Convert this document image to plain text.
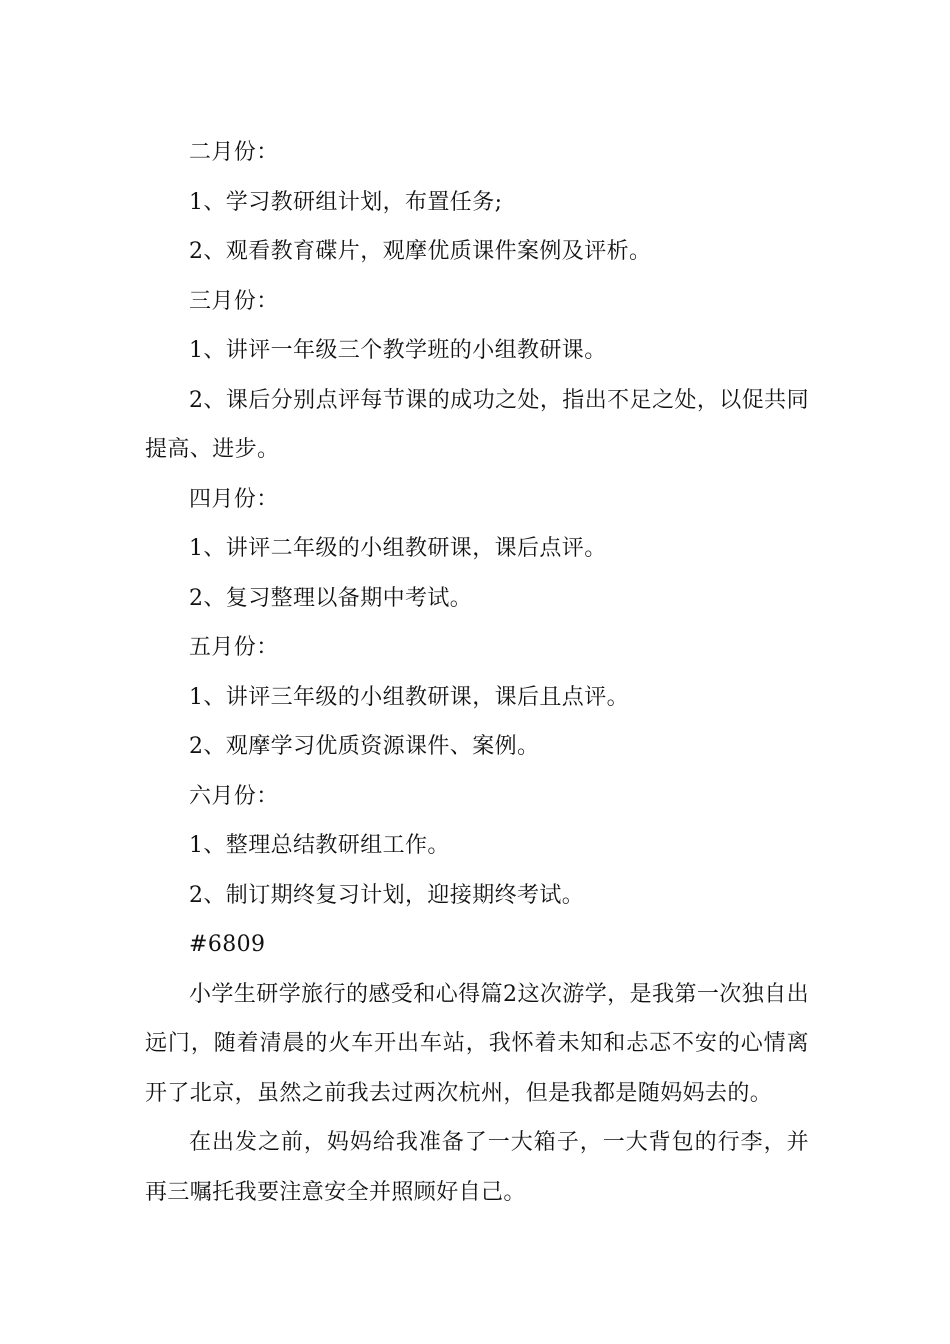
二月份：

1、学习教研组计划，布置任务;

2、观看教育碟片，观摩优质课件案例及评析。

三月份：

1、讲评一年级三个教学班的小组教研课。

2、课后分别点评每节课的成功之处，指出不足之处，以促共同提高、进步。

四月份：

1、讲评二年级的小组教研课，课后点评。

2、复习整理以备期中考试。

五月份：

1、讲评三年级的小组教研课，课后且点评。

2、观摩学习优质资源课件、案例。

六月份：

1、整理总结教研组工作。

2、制订期终复习计划，迎接期终考试。

#6809

小学生研学旅行的感受和心得篇2这次游学，是我第一次独自出远门，随着清晨的火车开出车站，我怀着未知和忐忑不安的心情离开了北京，虽然之前我去过两次杭州，但是我都是随妈妈去的。

在出发之前，妈妈给我准备了一大箱子，一大背包的行李，并再三嘱托我要注意安全并照顾好自己。
